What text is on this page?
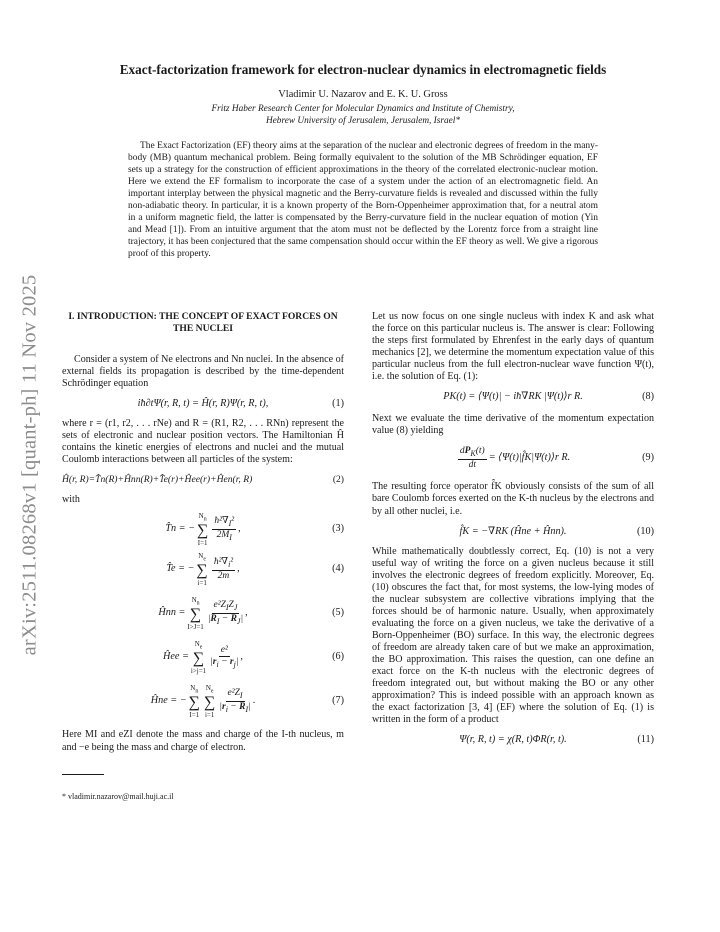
arXiv:2511.08268v1 [quant-ph] 11 Nov 2025
Exact-factorization framework for electron-nuclear dynamics in electromagnetic fields
Vladimir U. Nazarov and E. K. U. Gross
Fritz Haber Research Center for Molecular Dynamics and Institute of Chemistry,
Hebrew University of Jerusalem, Jerusalem, Israel*
The Exact Factorization (EF) theory aims at the separation of the nuclear and electronic degrees of freedom in the many-body (MB) quantum mechanical problem. Being formally equivalent to the solution of the MB Schrödinger equation, EF sets up a strategy for the construction of efficient approximations in the theory of the correlated electronic-nuclear motion. Here we extend the EF formalism to incorporate the case of a system under the action of an electromagnetic field. An important interplay between the physical magnetic and the Berry-curvature fields is revealed and discussed within the fully non-adiabatic theory. In particular, it is a known property of the Born-Oppenheimer approximation that, for a neutral atom in a uniform magnetic field, the latter is compensated by the Berry-curvature field in the nuclear equation of motion (Yin and Mead [1]). From an intuitive argument that the atom must not be deflected by the Lorentz force from a straight line trajectory, it has been conjectured that the same compensation should occur within the EF theory as well. We give a rigorous proof of this property.
I. INTRODUCTION: THE CONCEPT OF EXACT FORCES ON THE NUCLEI

Consider a system of Ne electrons and Nn nuclei. In the absence of external fields its propagation is described by the time-dependent Schrödinger equation

iħ∂tΨ(r, R, t) = Ĥ(r, R)Ψ(r, R, t),	(1)

where r = (r1, r2, . . . rNe) and R = (R1, R2, . . . RNn) represent the sets of electronic and nuclear position vectors. The Hamiltonian Ĥ contains the kinetic energies of electrons and nuclei and the mutual Coulomb interactions between all particles of the system:

Ĥ(r, R)=T̂n(R)+Ĥnn(R)+T̂e(r)+Ĥee(r)+Ĥen(r, R)	(2)

with

T̂n = −
$N_n$
∑
I=1
$\frac{ħ^2\nabla_I^2}{2M_I}$ ,	(3)
T̂e = −
$N_e$
∑
i=1
$\frac{ħ^2\nabla_i^2}{2m}$ ,	(4)
Ĥnn =
$N_n$
∑
I>J=1
$\frac{e^2Z_IZ_J}{|R_I - R_J|}$ ,	(5)
Ĥee =
$N_e$
∑
i>j=1
$\frac{\text{e²}}{|r_i - r_j|}$ ,	(6)
Ĥne = −
$N_n$
∑
I=1
$N_e$
∑
i=1
$\frac{e^2Z_I}{|r_i - R_I|}$ .	(7)

Here MI and eZI denote the mass and charge of the I-th nucleus, m and −e being the mass and charge of electron.

* vladimir.nazarov@mail.huji.ac.il

Let us now focus on one single nucleus with index K and ask what the force on this particular nucleus is. The answer is clear: Following the steps first formulated by Ehrenfest in the early days of quantum mechanics [2], we determine the momentum expectation value of this particular nucleus from the full electron-nuclear wave function Ψ(t), i.e. the solution of Eq. (1):

PK(t) = ⟨Ψ(t)| − iħ∇RK |Ψ(t)⟩r R.	(8)

Next we evaluate the time derivative of the momentum expectation value (8) yielding

$\frac{dP_K(t)}{dt}$ = ⟨Ψ(t)|f̂K|Ψ(t)⟩r R.	(9)

The resulting force operator f̂K obviously consists of the sum of all bare Coulomb forces exerted on the K-th nucleus by the electrons and by all other nuclei, i.e.

f̂K = −∇RK (Ĥne + Ĥnn).	(10)

While mathematically doubtlessly correct, Eq. (10) is not a very useful way of writing the force on a given nucleus because it still involves the electronic degrees of freedom explicitly. Moreover, Eq. (10) obscures the fact that, for most systems, the low-lying modes of the nuclear subsystem are collective vibrations implying that the forces should be of harmonic nature. Usually, when approximately evaluating the force on a given nucleus, we take the derivative of a Born-Oppenheimer (BO) surface. In this way, the electronic degrees of freedom are already taken care of but we make an approximation, the BO approximation. This raises the question, can one define an exact force on the K-th nucleus with the electronic degrees of freedom integrated out, but without making the BO or any other approximation? This is indeed possible with an approach known as the exact factorization [3, 4] (EF) where the solution of Eq. (1) is written in the form of a product

Ψ(r, R, t) = χ(R, t)ΦR(r, t).	(11)
